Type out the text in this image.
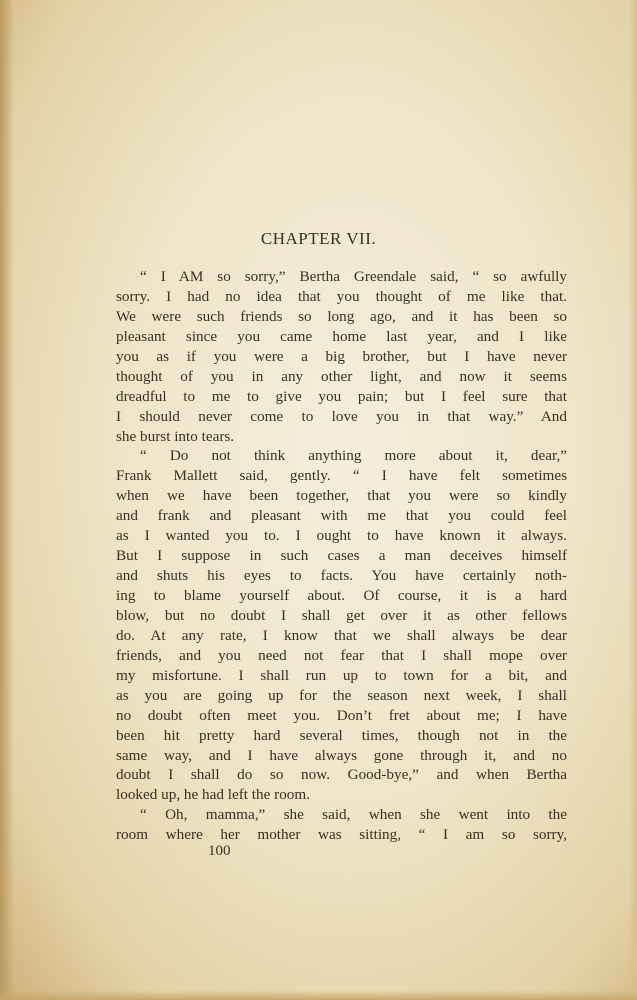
CHAPTER VII.
“ I AM so sorry,” Bertha Greendale said, “ so awfully
sorry. I had no idea that you thought of me like that.
We were such friends so long ago, and it has been so
pleasant since you came home last year, and I like
you as if you were a big brother, but I have never
thought of you in any other light, and now it seems
dreadful to me to give you pain; but I feel sure that
I should never come to love you in that way.” And
she burst into tears.
“ Do not think anything more about it, dear,”
Frank Mallett said, gently. “ I have felt sometimes
when we have been together, that you were so kindly
and frank and pleasant with me that you could feel
as I wanted you to. I ought to have known it always.
But I suppose in such cases a man deceives himself
and shuts his eyes to facts. You have certainly noth-
ing to blame yourself about. Of course, it is a hard
blow, but no doubt I shall get over it as other fellows
do. At any rate, I know that we shall always be dear
friends, and you need not fear that I shall mope over
my misfortune. I shall run up to town for a bit, and
as you are going up for the season next week, I shall
no doubt often meet you. Don’t fret about me; I have
been hit pretty hard several times, though not in the
same way, and I have always gone through it, and no
doubt I shall do so now. Good-bye,” and when Bertha
looked up, he had left the room.
“ Oh, mamma,” she said, when she went into the
room where her mother was sitting, “ I am so sorry,

100
